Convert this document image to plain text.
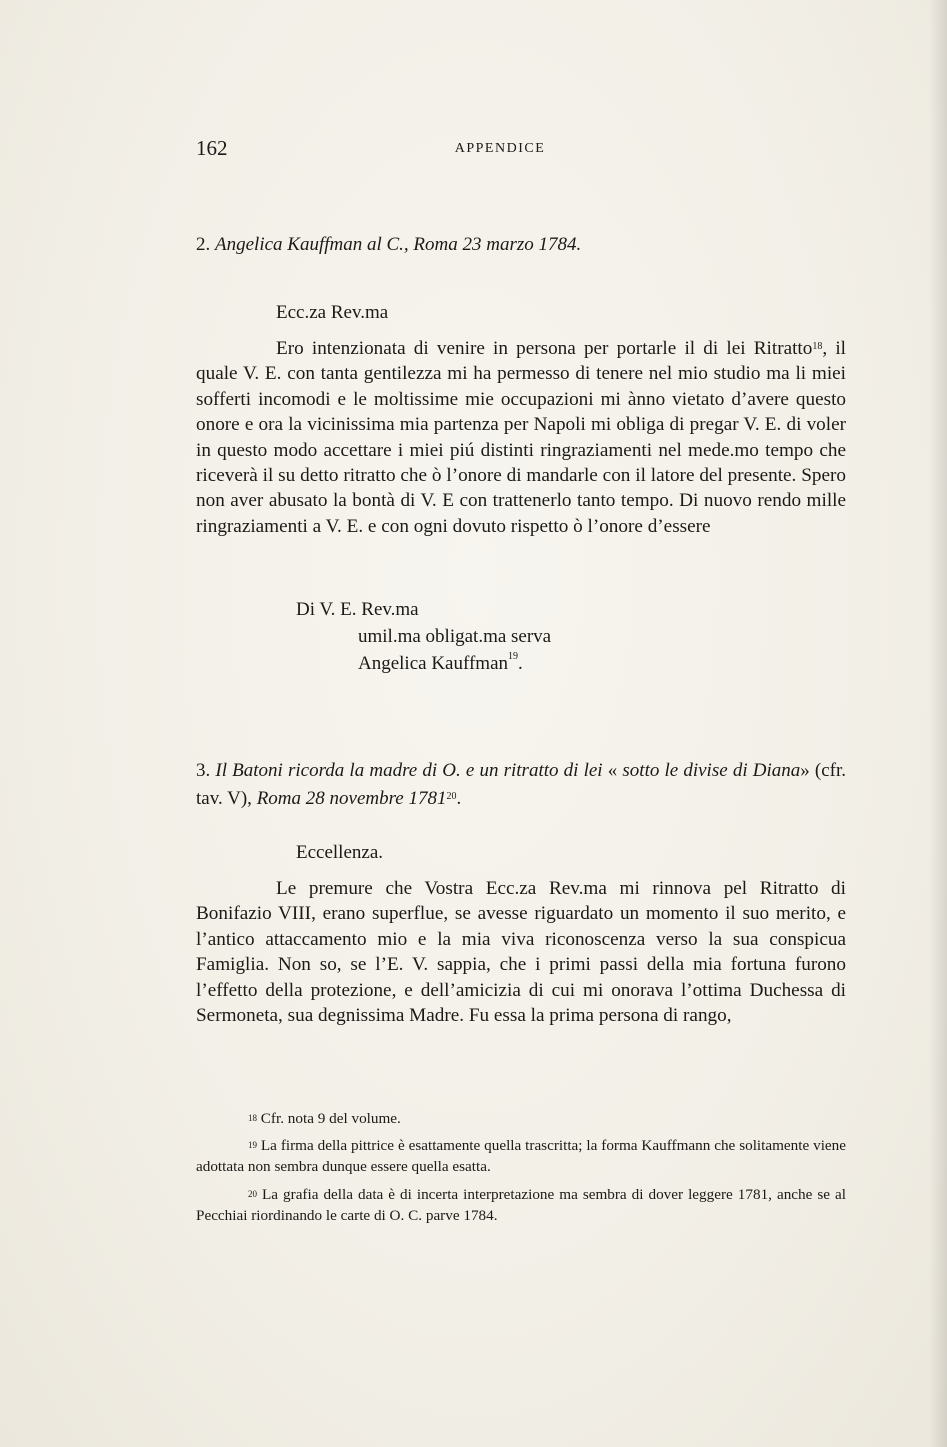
⠀
162	APPENDICE
2. Angelica Kauffman al C., Roma 23 marzo 1784.
Ecc.za Rev.ma

Ero intenzionata di venire in persona per portarle il di lei Ritratto$^{18}$, il quale V. E. con tanta gentilezza mi ha permesso di tenere nel mio studio ma li miei sofferti incomodi e le moltissime mie occupazioni mi ànno vietato d’avere questo onore e ora la vicinissima mia partenza per Napoli mi obliga di pregar V. E. di voler in questo modo accettare i miei piú distinti ringraziamenti nel mede.mo tempo che riceverà il su detto ritratto che ò l’onore di mandarle con il latore del presente. Spero non aver abusato la bontà di V. E con trattenerlo tanto tempo. Di nuovo rendo mille ringraziamenti a V. E. e con ogni dovuto rispetto ò l’onore d’essere

Di V. E. Rev.ma
umil.ma obligat.ma serva
Angelica Kauffman$^{19}$.
3. Il Batoni ricorda la madre di O. e un ritratto di lei « sotto le divise di Diana» (cfr. tav. V), Roma 28 novembre 1781$^{20}$.
Eccellenza.

Le premure che Vostra Ecc.za Rev.ma mi rinnova pel Ritratto di Bonifazio VIII, erano superflue, se avesse riguardato un momento il suo merito, e l’antico attaccamento mio e la mia viva riconoscenza verso la sua conspicua Famiglia. Non so, se l’E. V. sappia, che i primi passi della mia fortuna furono l’effetto della protezione, e dell’amicizia di cui mi onorava l’ottima Duchessa di Sermoneta, sua degnissima Madre. Fu essa la prima persona di rango,

$^{18}$ Cfr. nota 9 del volume.

$^{19}$ La firma della pittrice è esattamente quella trascritta; la forma Kauffmann che solitamente viene adottata non sembra dunque essere quella esatta.

$^{20}$ La grafia della data è di incerta interpretazione ma sembra di dover leggere 1781, anche se al Pecchiai riordinando le carte di O. C. parve 1784.
